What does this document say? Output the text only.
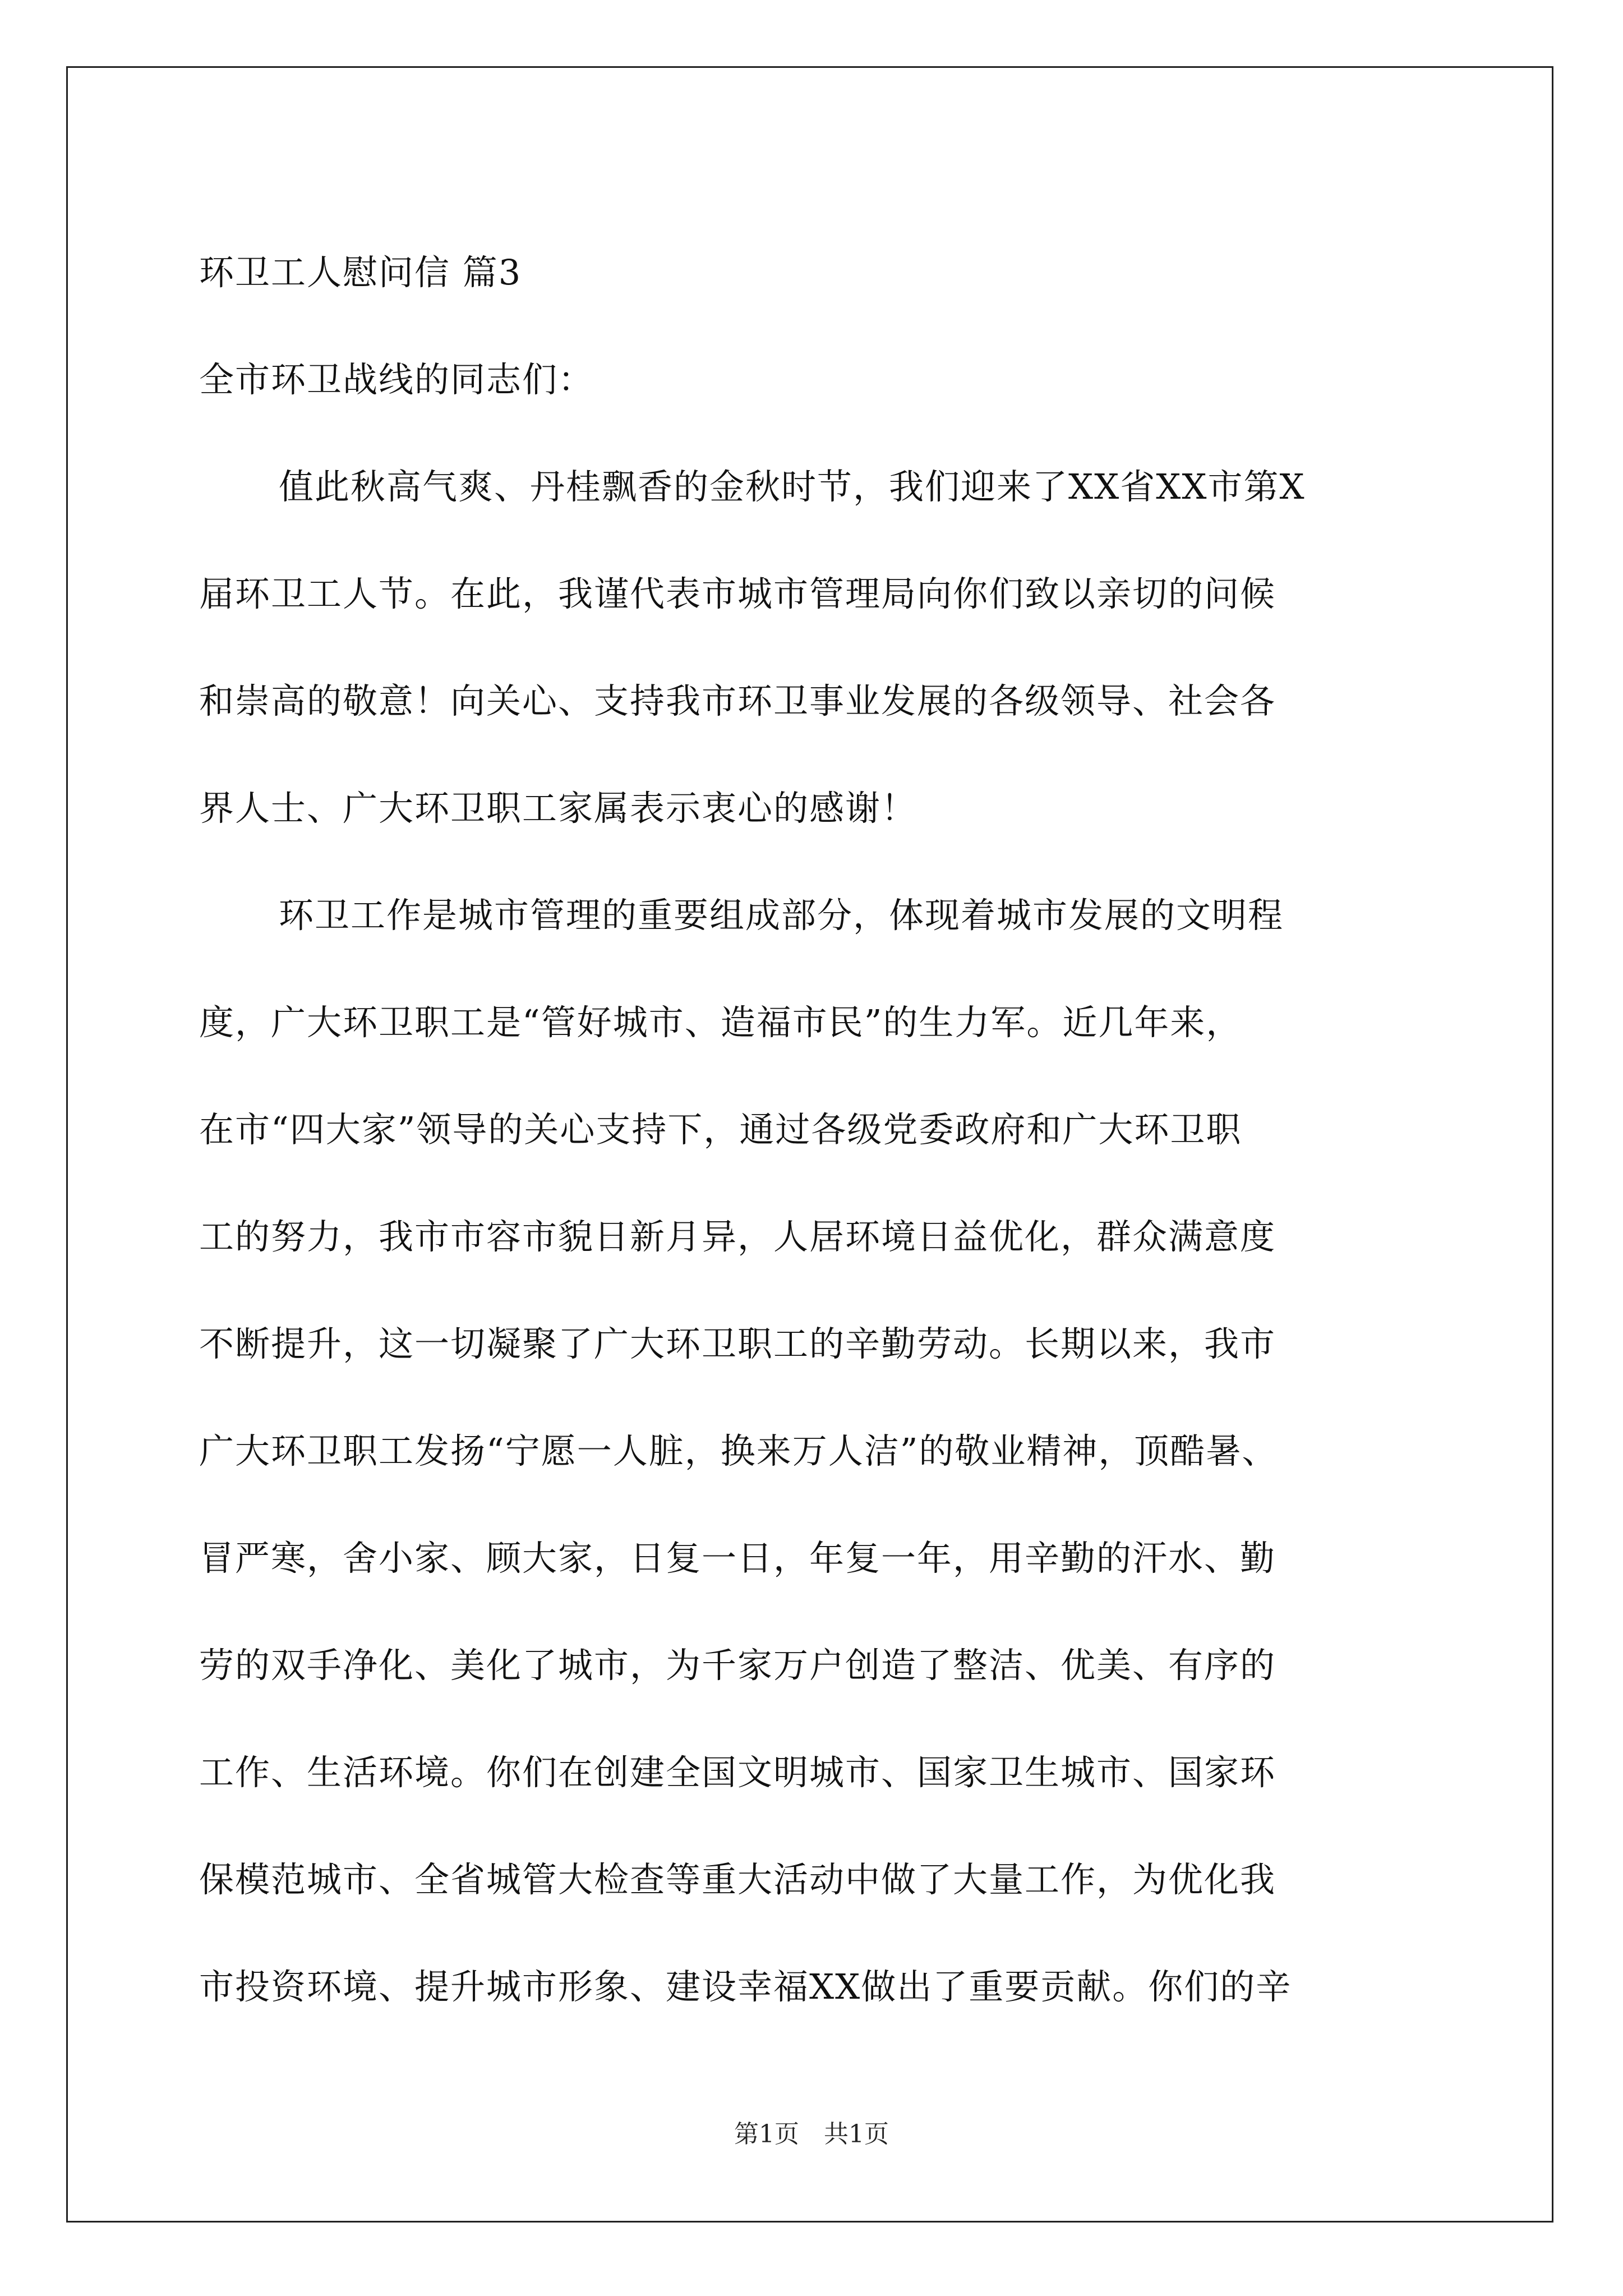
环卫工人慰问信 篇3
全市环卫战线的同志们：
值此秋高气爽、丹桂飘香的金秋时节，我们迎来了XX省XX市第X
届环卫工人节。在此，我谨代表市城市管理局向你们致以亲切的问候
和崇高的敬意！向关心、支持我市环卫事业发展的各级领导、社会各
界人士、广大环卫职工家属表示衷心的感谢！
环卫工作是城市管理的重要组成部分，体现着城市发展的文明程
度，广大环卫职工是“管好城市、造福市民”的生力军。近几年来，
在市“四大家”领导的关心支持下，通过各级党委政府和广大环卫职
工的努力，我市市容市貌日新月异，人居环境日益优化，群众满意度
不断提升，这一切凝聚了广大环卫职工的辛勤劳动。长期以来，我市
广大环卫职工发扬“宁愿一人脏，换来万人洁”的敬业精神，顶酷暑、
冒严寒，舍小家、顾大家，日复一日，年复一年，用辛勤的汗水、勤
劳的双手净化、美化了城市，为千家万户创造了整洁、优美、有序的
工作、生活环境。你们在创建全国文明城市、国家卫生城市、国家环
保模范城市、全省城管大检查等重大活动中做了大量工作，为优化我
市投资环境、提升城市形象、建设幸福XX做出了重要贡献。你们的辛
第1页　共1页
